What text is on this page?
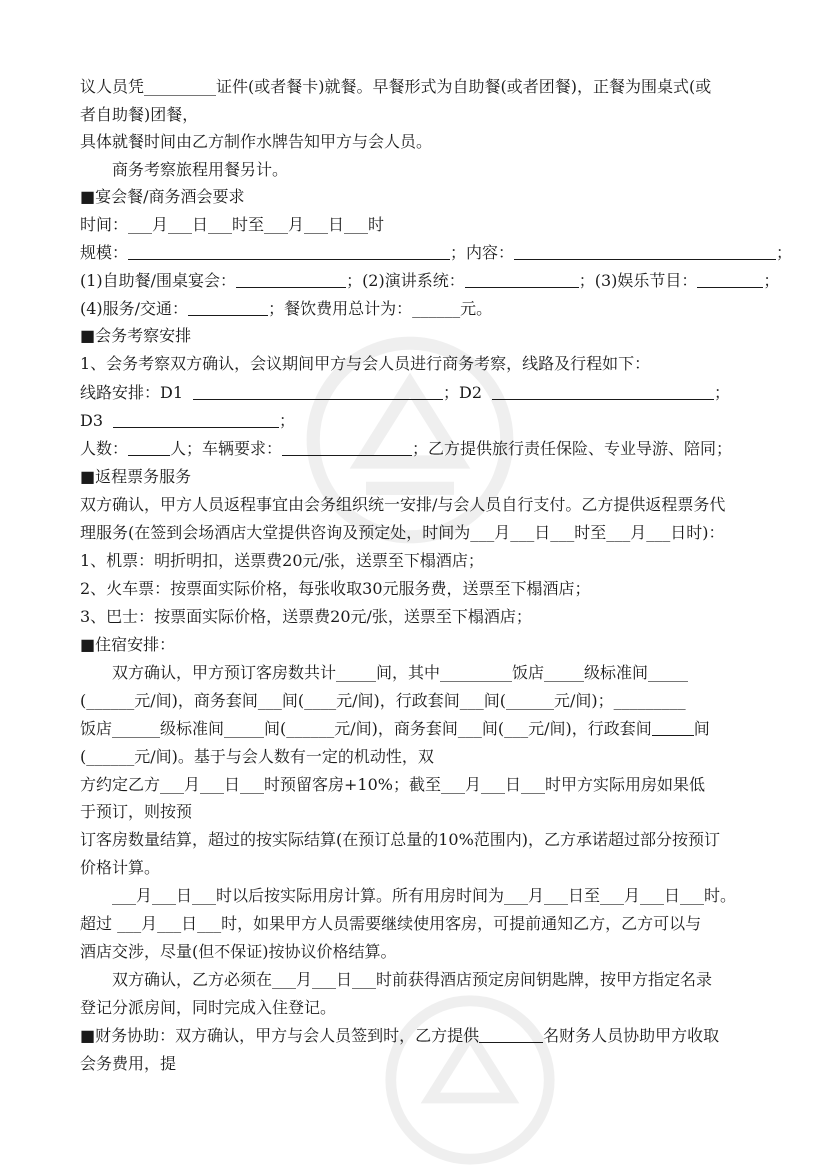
议人员凭_________证件(或者餐卡)就餐。早餐形式为自助餐(或者团餐)，正餐为围桌式(或
者自助餐)团餐，
具体就餐时间由乙方制作水牌告知甲方与会人员。
商务考察旅程用餐另计。
■宴会餐/商务酒会要求
时间：___月___日___时至___月___日___时
规模：	；内容：	；
(1)自助餐/围桌宴会：	；(2)演讲系统：	；(3)娱乐节目：	；
(4)服务/交通：	；餐饮费用总计为：______元。
■会务考察安排
1、会务考察双方确认，会议期间甲方与会人员进行商务考察，线路及行程如下：
线路安排：D1	；D2	；
D3	；
人数：	人；车辆要求：	；乙方提供旅行责任保险、专业导游、陪同；
■返程票务服务
双方确认，甲方人员返程事宜由会务组织统一安排/与会人员自行支付。乙方提供返程票务代
理服务(在签到会场酒店大堂提供咨询及预定处，时间为___月___日___时至___月___日时)：
1、机票：明折明扣，送票费20元/张，送票至下榻酒店；
2、火车票：按票面实际价格，每张收取30元服务费，送票至下榻酒店；
3、巴士：按票面实际价格，送票费20元/张，送票至下榻酒店；
■住宿安排：
双方确认，甲方预订客房数共计_____间，其中_________饭店_____级标准间_____
(______元/间)，商务套间___间(____元/间)，行政套间___间(______元/间)；_________
饭店______级标准间_____间(______元/间)，商务套间___间(___元/间)，行政套间	间
(______元/间)。基于与会人数有一定的机动性，双
方约定乙方___月___日___时预留客房+10%；截至___月___日___时甲方实际用房如果低
于预订，则按预
订客房数量结算，超过的按实际结算(在预订总量的10%范围内)，乙方承诺超过部分按预订
价格计算。
___月___日___时以后按实际用房计算。所有用房时间为___月___日至___月___日___时。
超过 ___月___日___时，如果甲方人员需要继续使用客房，可提前通知乙方，乙方可以与
酒店交涉，尽量(但不保证)按协议价格结算。
双方确认，乙方必须在___月___日___时前获得酒店预定房间钥匙牌，按甲方指定名录
登记分派房间，同时完成入住登记。
■财务协助：双方确认，甲方与会人员签到时，乙方提供	名财务人员协助甲方收取
会务费用，提
